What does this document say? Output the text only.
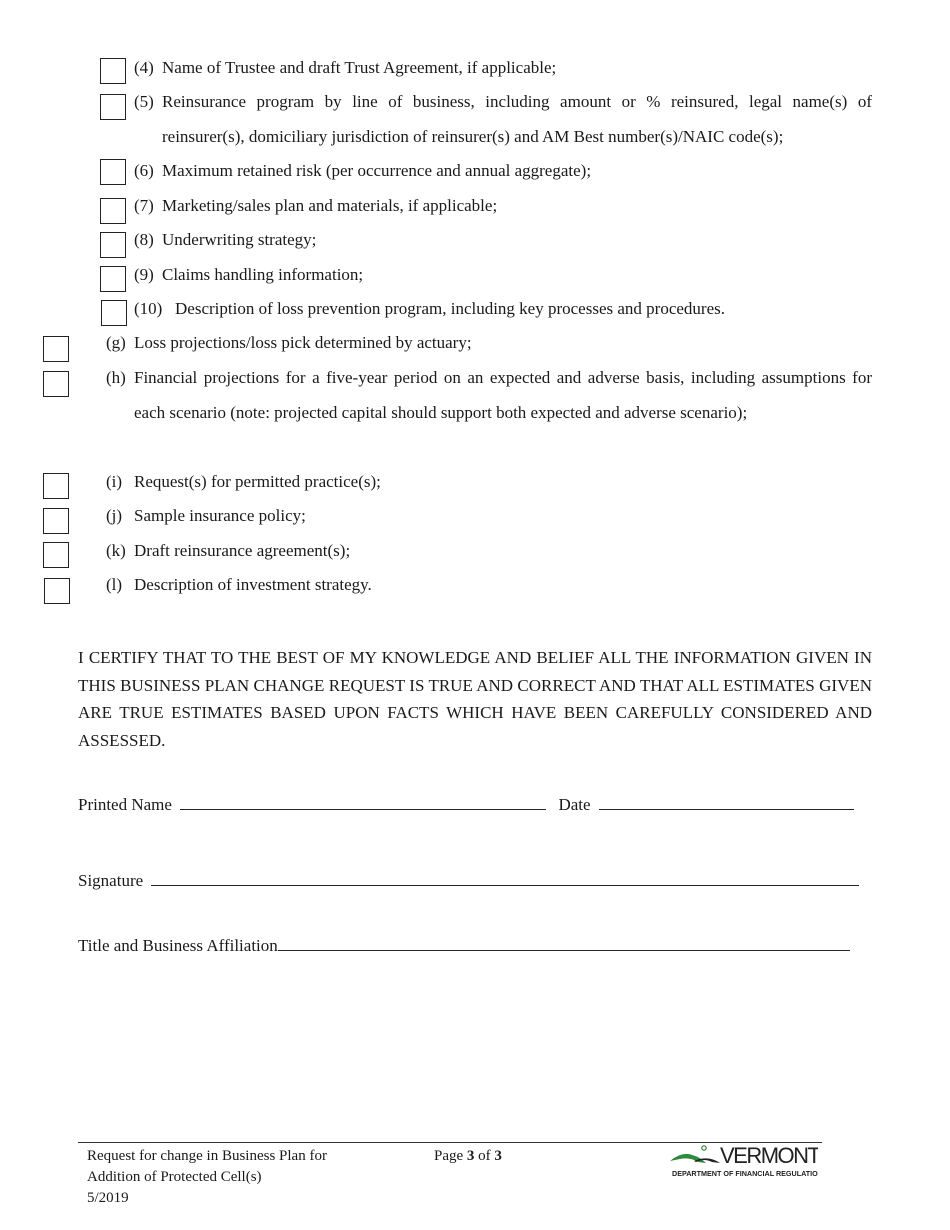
(4) Name of Trustee and draft Trust Agreement, if applicable;
(5) Reinsurance program by line of business, including amount or % reinsured, legal name(s) of reinsurer(s), domiciliary jurisdiction of reinsurer(s) and AM Best number(s)/NAIC code(s);
(6) Maximum retained risk (per occurrence and annual aggregate);
(7) Marketing/sales plan and materials, if applicable;
(8) Underwriting strategy;
(9) Claims handling information;
(10) Description of loss prevention program, including key processes and procedures.
(g) Loss projections/loss pick determined by actuary;
(h) Financial projections for a five-year period on an expected and adverse basis, including assumptions for each scenario (note: projected capital should support both expected and adverse scenario);
(i) Request(s) for permitted practice(s);
(j) Sample insurance policy;
(k) Draft reinsurance agreement(s);
(l) Description of investment strategy.
I CERTIFY THAT TO THE BEST OF MY KNOWLEDGE AND BELIEF ALL THE INFORMATION GIVEN IN THIS BUSINESS PLAN CHANGE REQUEST IS TRUE AND CORRECT AND THAT ALL ESTIMATES GIVEN ARE TRUE ESTIMATES BASED UPON FACTS WHICH HAVE BEEN CAREFULLY CONSIDERED AND ASSESSED.
Printed Name	Date
Signature
Title and Business Affiliation
Request for change in Business Plan for
Addition of Protected Cell(s)
5/2019
Page 3 of 3	VERMONT
DEPARTMENT OF FINANCIAL REGULATION
